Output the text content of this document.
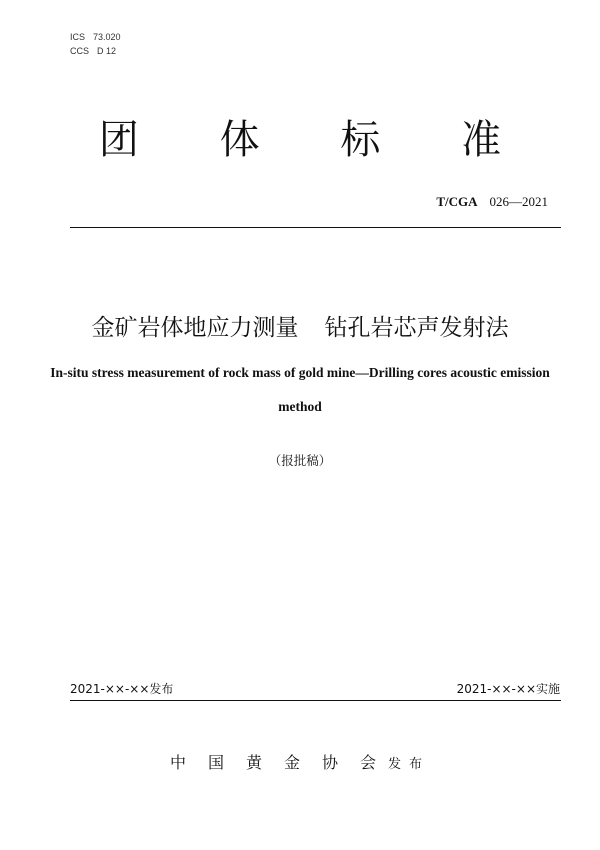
ICS 73.020
CCS D 12
团 体 标 准
T/CGA 026—2021
金矿岩体地应力测量 钻孔岩芯声发射法
In-situ stress measurement of rock mass of gold mine—Drilling cores acoustic emission method
（报批稿）
2021-××-××发布	2021-××-××实施
中国黄金协会发布
